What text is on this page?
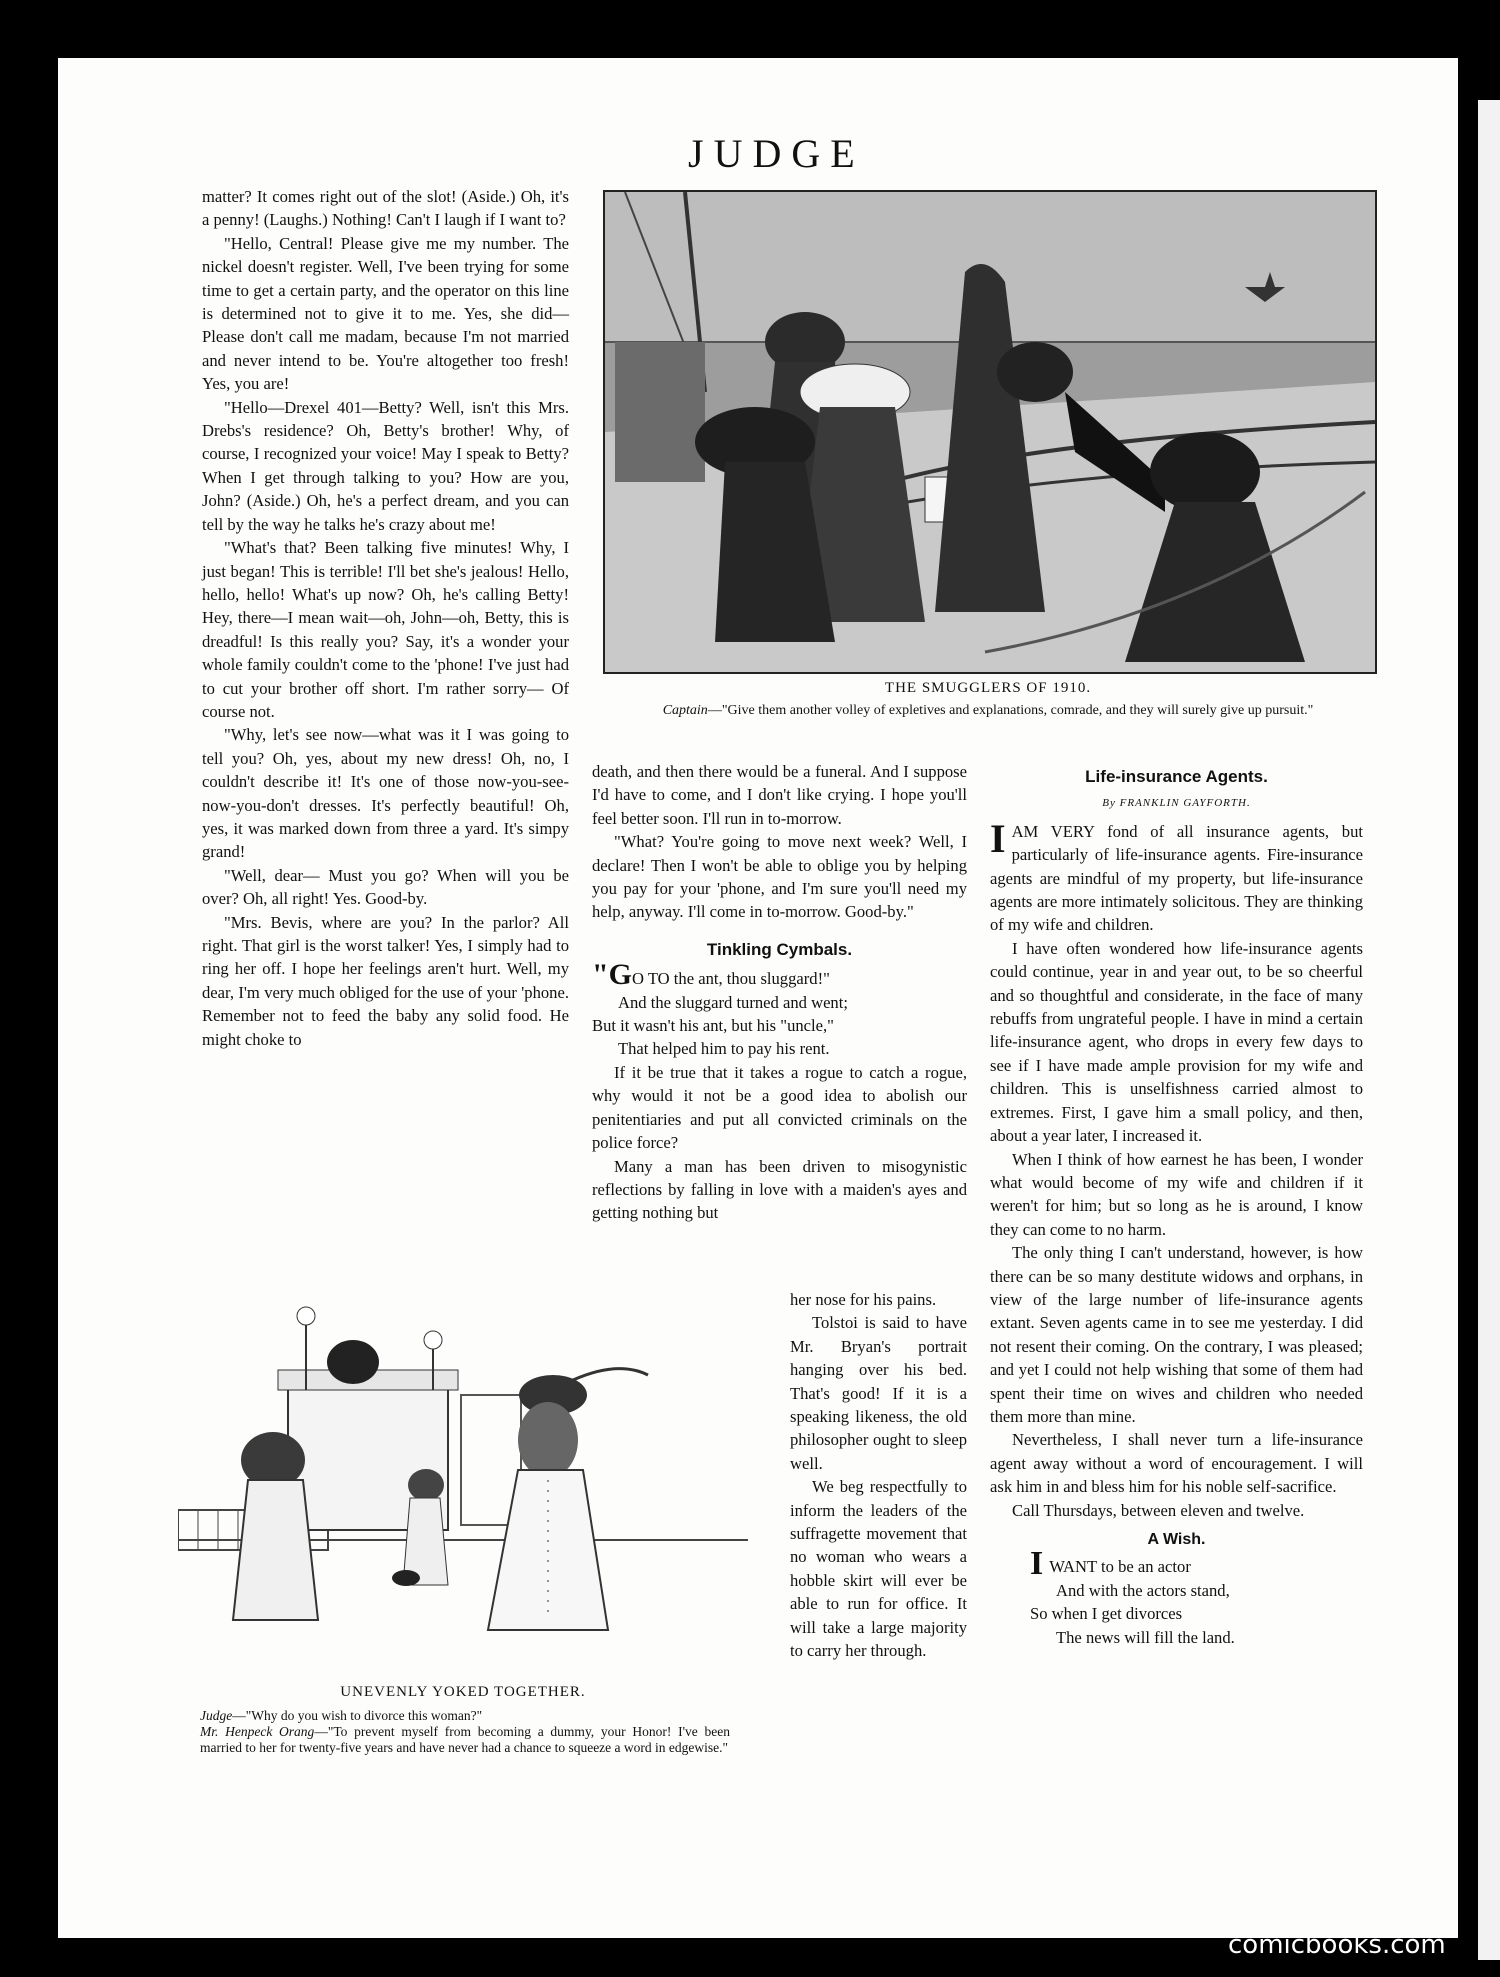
JUDGE

matter? It comes right out of the slot! (Aside.) Oh, it's a penny! (Laughs.) Nothing! Can't I laugh if I want to?

"Hello, Central! Please give me my number. The nickel doesn't register. Well, I've been trying for some time to get a certain party, and the operator on this line is determined not to give it to me. Yes, she did— Please don't call me madam, because I'm not married and never intend to be. You're altogether too fresh! Yes, you are!

"Hello—Drexel 401—Betty? Well, isn't this Mrs. Drebs's residence? Oh, Betty's brother! Why, of course, I recognized your voice! May I speak to Betty? When I get through talking to you? How are you, John? (Aside.) Oh, he's a perfect dream, and you can tell by the way he talks he's crazy about me!

"What's that? Been talking five minutes! Why, I just began! This is terrible! I'll bet she's jealous! Hello, hello, hello! What's up now? Oh, he's calling Betty! Hey, there—I mean wait—oh, John—oh, Betty, this is dreadful! Is this really you? Say, it's a wonder your whole family couldn't come to the 'phone! I've just had to cut your brother off short. I'm rather sorry— Of course not.

"Why, let's see now—what was it I was going to tell you? Oh, yes, about my new dress! Oh, no, I couldn't describe it! It's one of those now-you-see-now-you-don't dresses. It's perfectly beautiful! Oh, yes, it was marked down from three a yard. It's simpy grand!

"Well, dear— Must you go? When will you be over? Oh, all right! Yes. Good-by.

"Mrs. Bevis, where are you? In the parlor? All right. That girl is the worst talker! Yes, I simply had to ring her off. I hope her feelings aren't hurt. Well, my dear, I'm very much obliged for the use of your 'phone. Remember not to feed the baby any solid food. He might choke to

THE SMUGGLERS OF 1910.
Captain—"Give them another volley of expletives and explanations, comrade, and they will surely give up pursuit."

death, and then there would be a funeral. And I suppose I'd have to come, and I don't like crying. I hope you'll feel better soon. I'll run in to-morrow.

"What? You're going to move next week? Well, I declare! Then I won't be able to oblige you by helping you pay for your 'phone, and I'm sure you'll need my help, anyway. I'll come in to-morrow. Good-by."

Tinkling Cymbals.
"GO TO the ant, thou sluggard!"
And the sluggard turned and went;
But it wasn't his ant, but his "uncle,"
That helped him to pay his rent.

If it be true that it takes a rogue to catch a rogue, why would it not be a good idea to abolish our penitentiaries and put all convicted criminals on the police force?

Many a man has been driven to misogynistic reflections by falling in love with a maiden's ayes and getting nothing but

her nose for his pains.

Tolstoi is said to have Mr. Bryan's portrait hanging over his bed. That's good! If it is a speaking likeness, the old philosopher ought to sleep well.

We beg respectfully to inform the leaders of the suffragette movement that no woman who wears a hobble skirt will ever be able to run for office. It will take a large majority to carry her through.

UNEVENLY YOKED TOGETHER.
Judge—"Why do you wish to divorce this woman?"
Mr. Henpeck Orang—"To prevent myself from becoming a dummy, your Honor! I've been married to her for twenty-five years and have never had a chance to squeeze a word in edgewise."
Life-insurance Agents.
By FRANKLIN GAYFORTH.

IAM VERY fond of all insurance agents, but particularly of life-insurance agents. Fire-insurance agents are mindful of my property, but life-insurance agents are more intimately solicitous. They are thinking of my wife and children.

I have often wondered how life-insurance agents could continue, year in and year out, to be so cheerful and so thoughtful and considerate, in the face of many rebuffs from ungrateful people. I have in mind a certain life-insurance agent, who drops in every few days to see if I have made ample provision for my wife and children. This is unselfishness carried almost to extremes. First, I gave him a small policy, and then, about a year later, I increased it.

When I think of how earnest he has been, I wonder what would become of my wife and children if it weren't for him; but so long as he is around, I know they can come to no harm.

The only thing I can't understand, however, is how there can be so many destitute widows and orphans, in view of the large number of life-insurance agents extant. Seven agents came in to see me yesterday. I did not resent their coming. On the contrary, I was pleased; and yet I could not help wishing that some of them had spent their time on wives and children who needed them more than mine.

Nevertheless, I shall never turn a life-insurance agent away without a word of encouragement. I will ask him in and bless him for his noble self-sacrifice.

Call Thursdays, between eleven and twelve.

A Wish.
IWANT to be an actor
And with the actors stand,
So when I get divorces
The news will fill the land.
comicbooks.com
